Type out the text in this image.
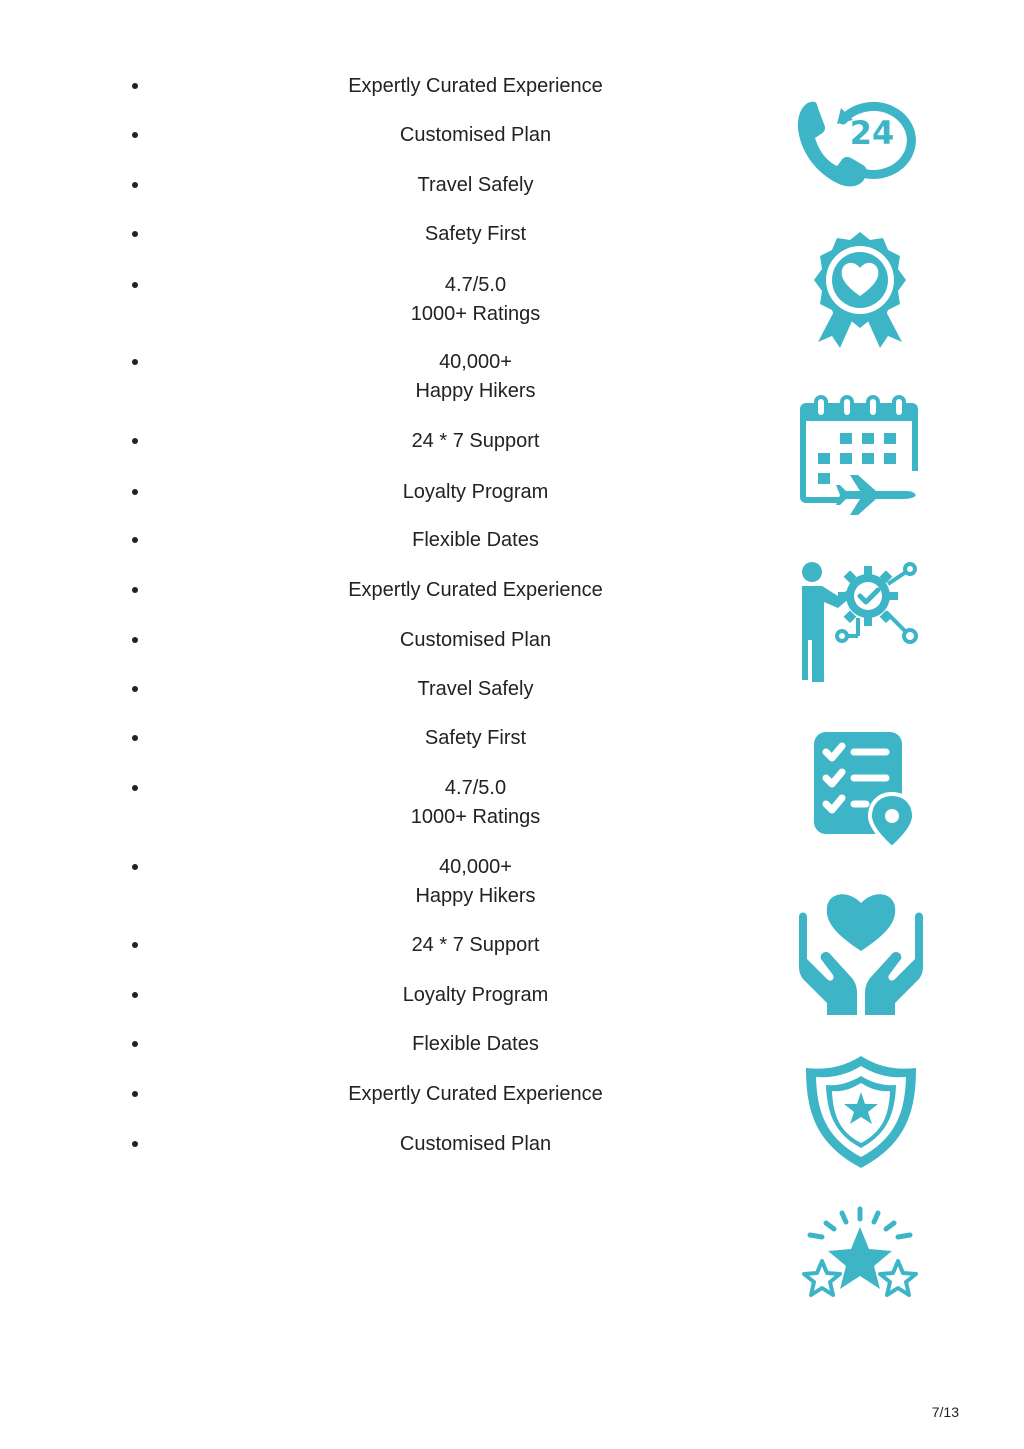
Expertly Curated Experience
Customised Plan
Travel Safely
Safety First
4.7/5.0
1000+ Ratings
40,000+
Happy Hikers
24 * 7 Support
Loyalty Program
Flexible Dates
Expertly Curated Experience
Customised Plan
Travel Safely
Safety First
4.7/5.0
1000+ Ratings
40,000+
Happy Hikers
24 * 7 Support
Loyalty Program
Flexible Dates
Expertly Curated Experience
Customised Plan
24
7/13
